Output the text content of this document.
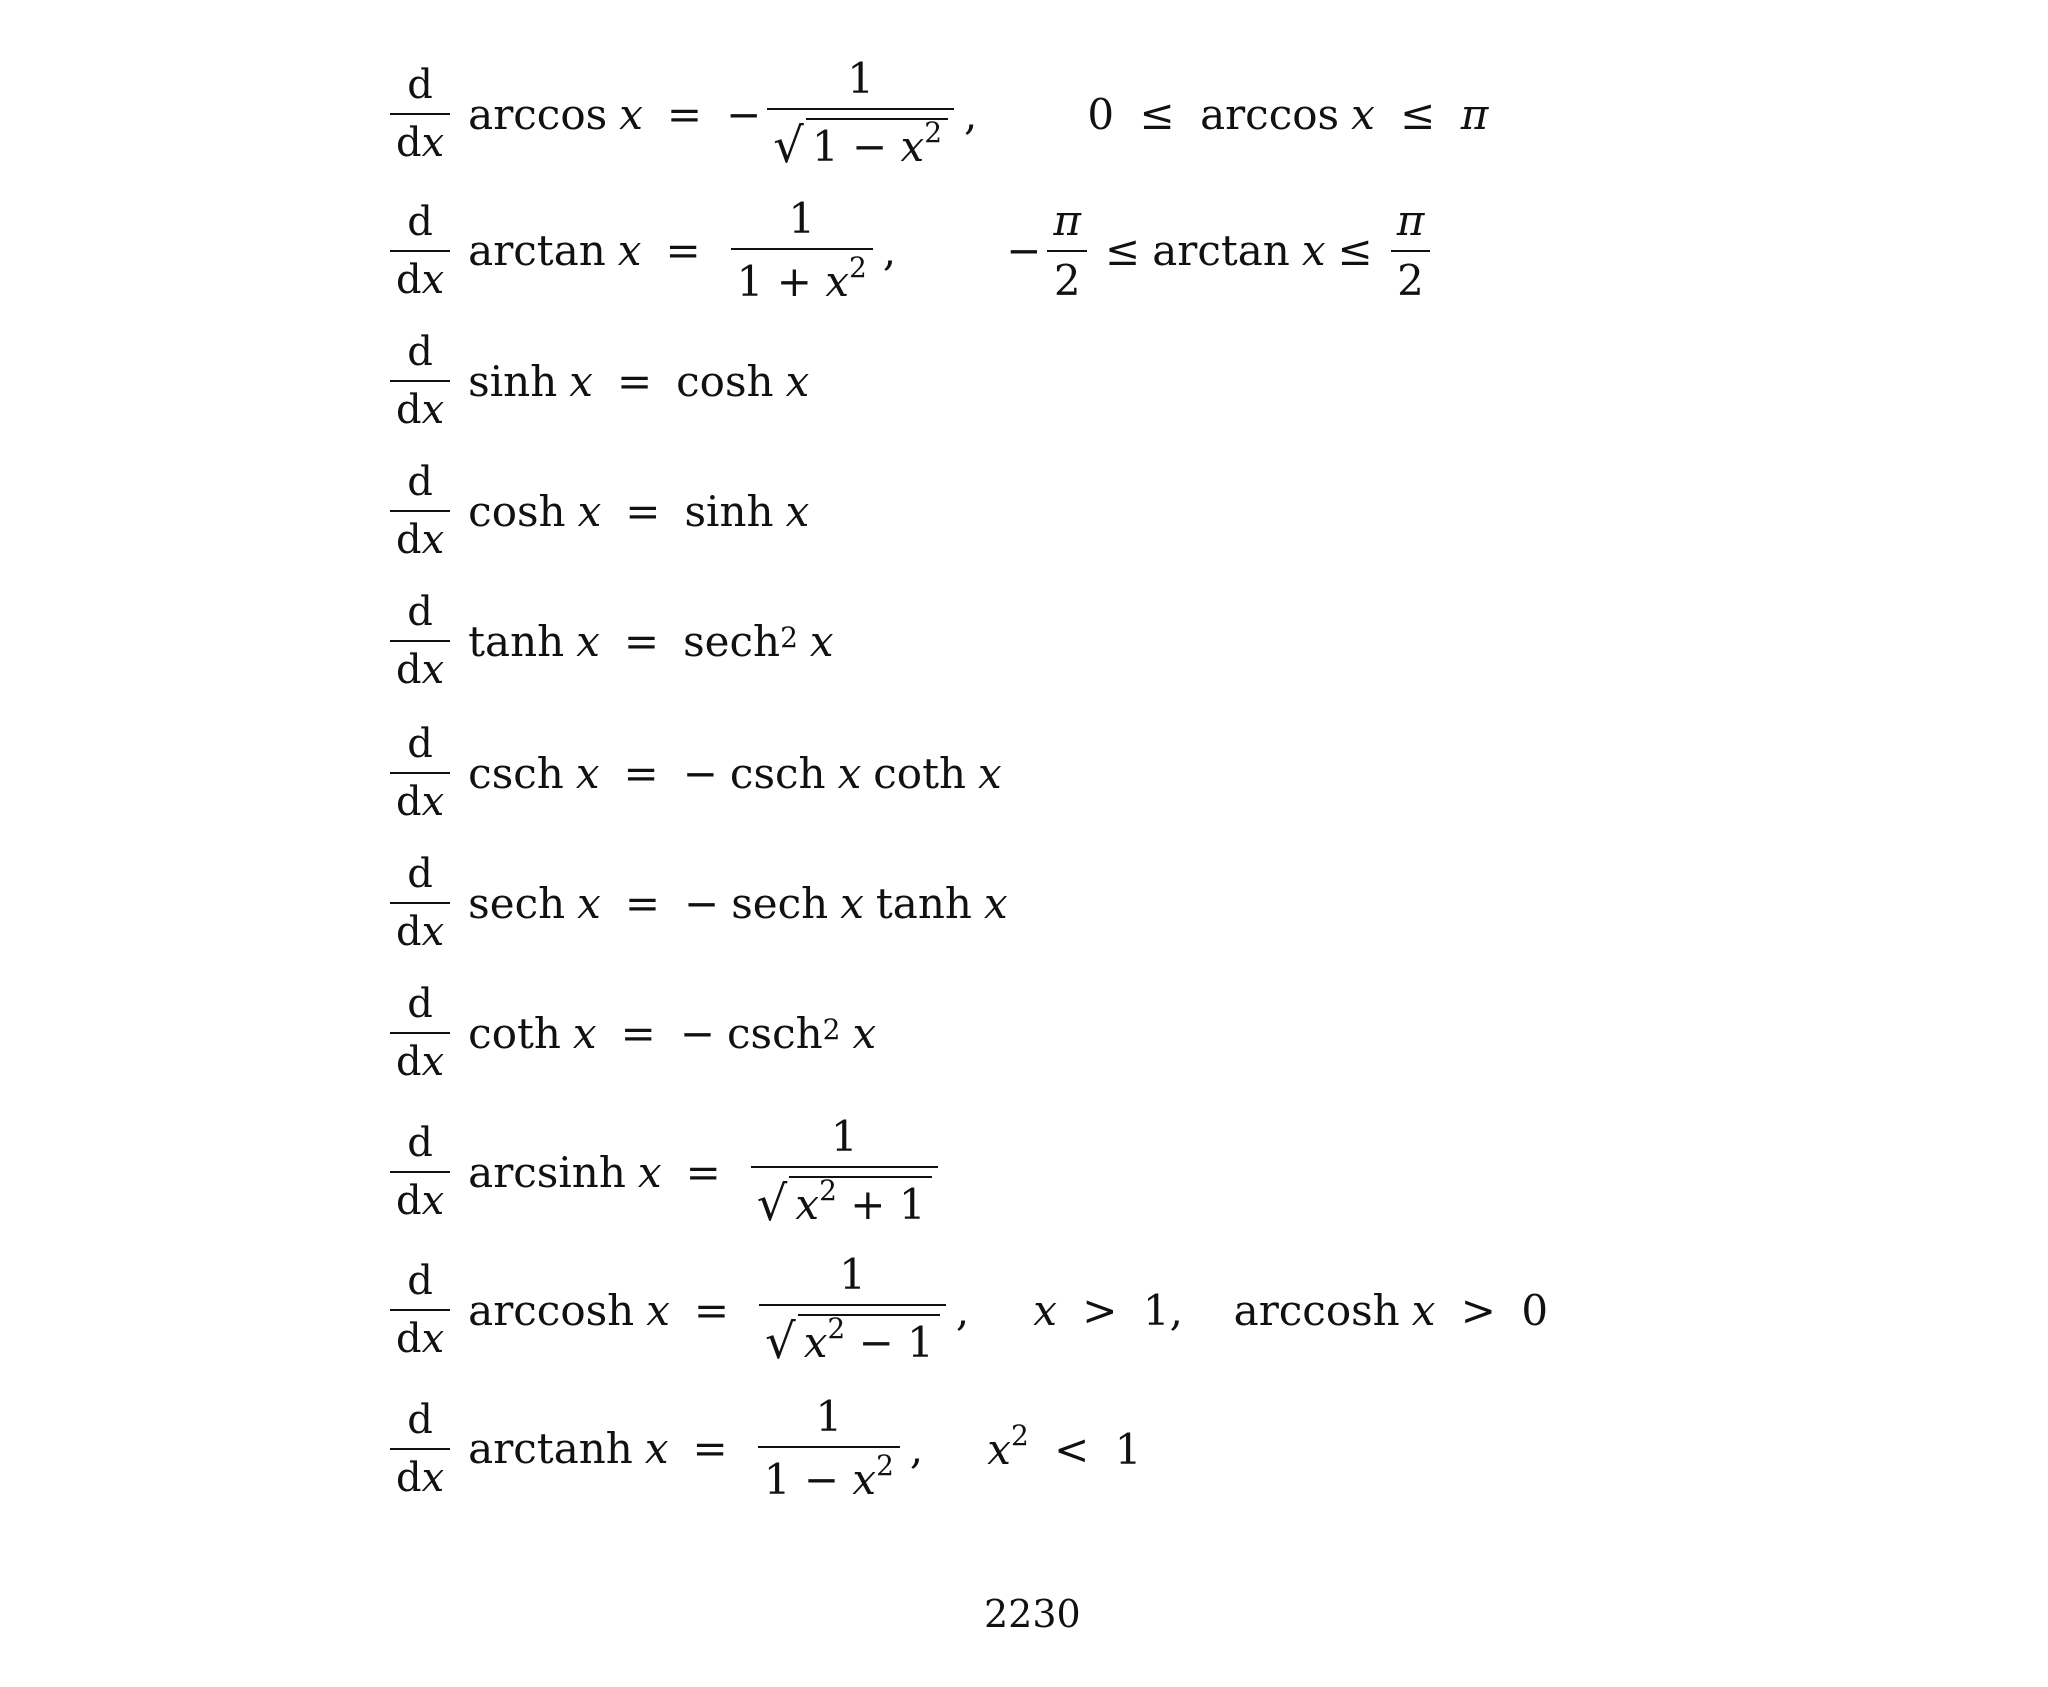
$\frac{d}{dx}$ arccos x = − $\frac{1}{√ 1 - x^2}$ ,	0 ≤ arccos x ≤ π
$\frac{d}{dx}$ $\arctan x = \frac{1}{1 + x^2}$ ,	− $\frac{\pi}{2} \le \arctan x \le \frac{\pi}{2}$
$\frac{d}{dx}$ sinh x = cosh x
$\frac{d}{dx}$ cosh x = sinh x
$\frac{d}{dx}$ tanh x = sech 2 x
$\frac{d}{dx}$ csch x = − csch x coth x
$\frac{d}{dx}$ sech x = − sech x tanh x
$\frac{d}{dx}$ coth x = − csch 2 x
$\frac{d}{dx}$ arcsinh $x = \frac{1}{√ x^2 + 1}$
$\frac{d}{dx}$ arccosh $x = \frac{1}{√ x^2 - 1}$ , x > 1, arccosh x > 0
$\frac{d}{dx}$ arctanh $x = \frac{1}{1 - x^2}$ , $x^2 < 1$
2230
